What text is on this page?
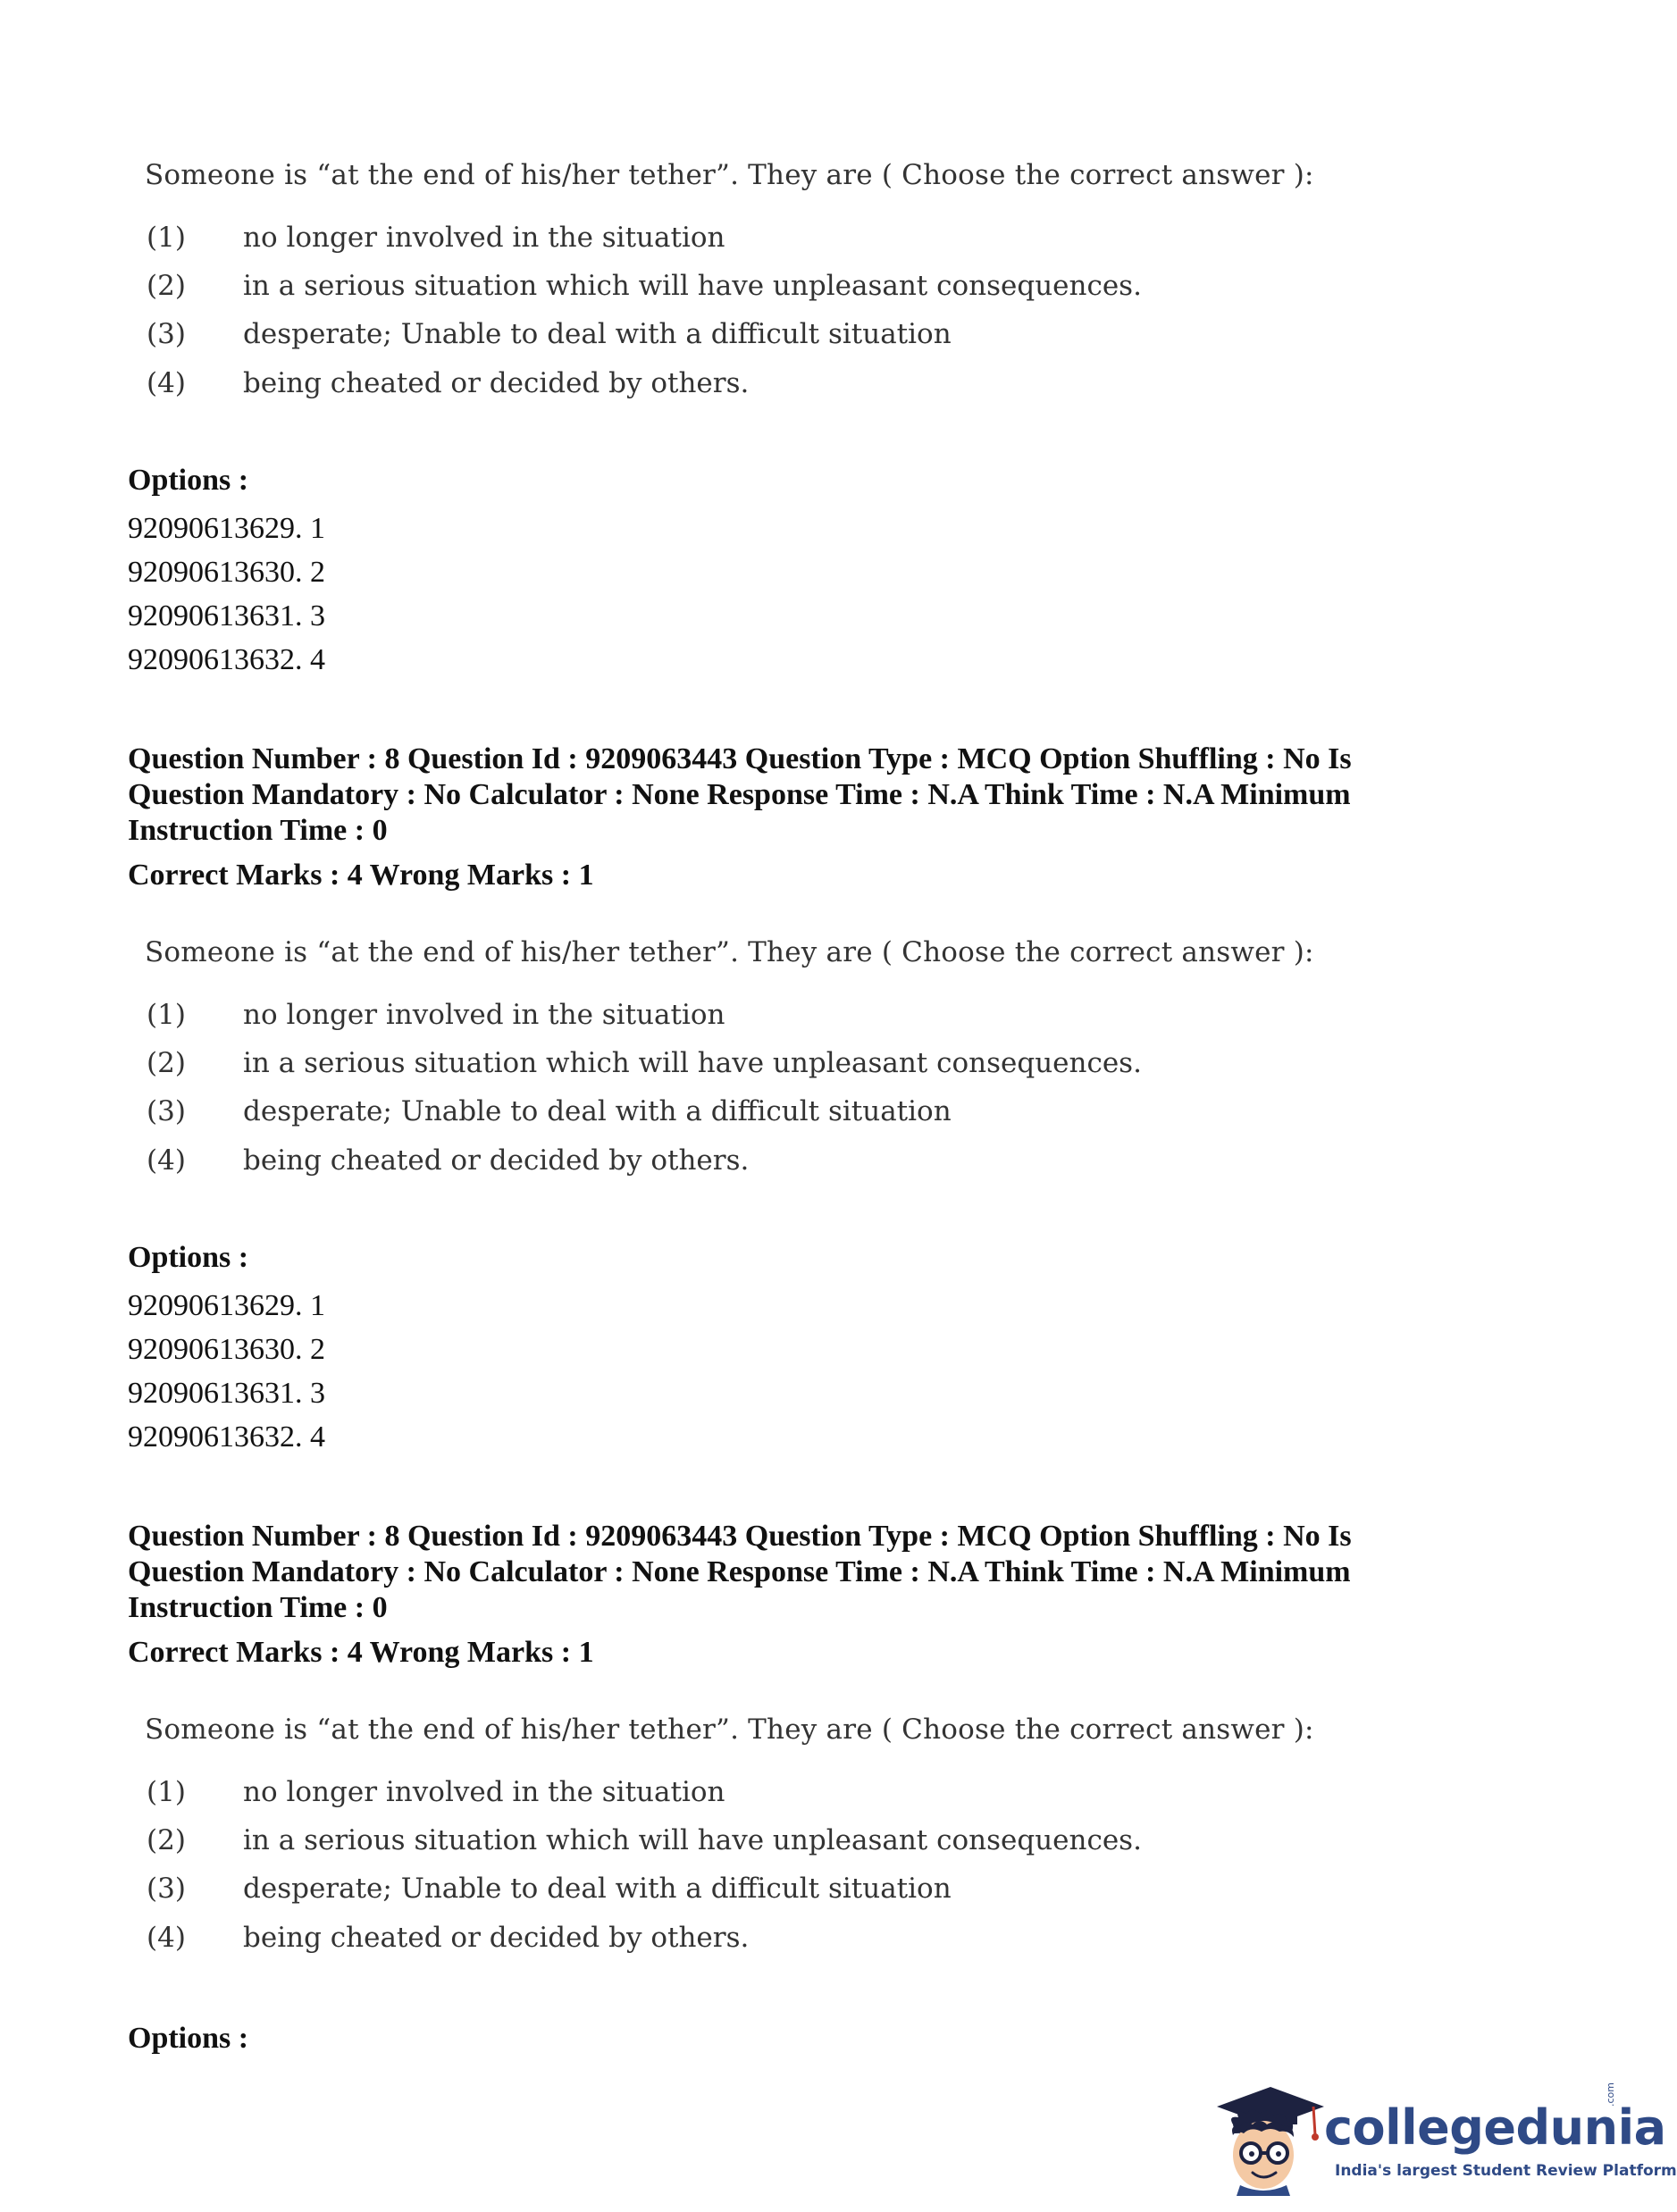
Someone is “at the end of his/her tether”. They are ( Choose the correct answer ):
(1) no longer involved in the situation
(2) in a serious situation which will have unpleasant consequences.
(3) desperate; Unable to deal with a difficult situation
(4) being cheated or decided by others.
Options :
92090613629. 1
92090613630. 2
92090613631. 3
92090613632. 4
Question Number : 8 Question Id : 9209063443 Question Type : MCQ Option Shuffling : No Is
Question Mandatory : No Calculator : None Response Time : N.A Think Time : N.A Minimum
Instruction Time : 0
Correct Marks : 4 Wrong Marks : 1
Someone is “at the end of his/her tether”. They are ( Choose the correct answer ):
(1) no longer involved in the situation
(2) in a serious situation which will have unpleasant consequences.
(3) desperate; Unable to deal with a difficult situation
(4) being cheated or decided by others.
Options :
92090613629. 1
92090613630. 2
92090613631. 3
92090613632. 4
Question Number : 8 Question Id : 9209063443 Question Type : MCQ Option Shuffling : No Is
Question Mandatory : No Calculator : None Response Time : N.A Think Time : N.A Minimum
Instruction Time : 0
Correct Marks : 4 Wrong Marks : 1
Someone is “at the end of his/her tether”. They are ( Choose the correct answer ):
(1) no longer involved in the situation
(2) in a serious situation which will have unpleasant consequences.
(3) desperate; Unable to deal with a difficult situation
(4) being cheated or decided by others.
Options :
collegedunia
.com
India's largest Student Review Platform
